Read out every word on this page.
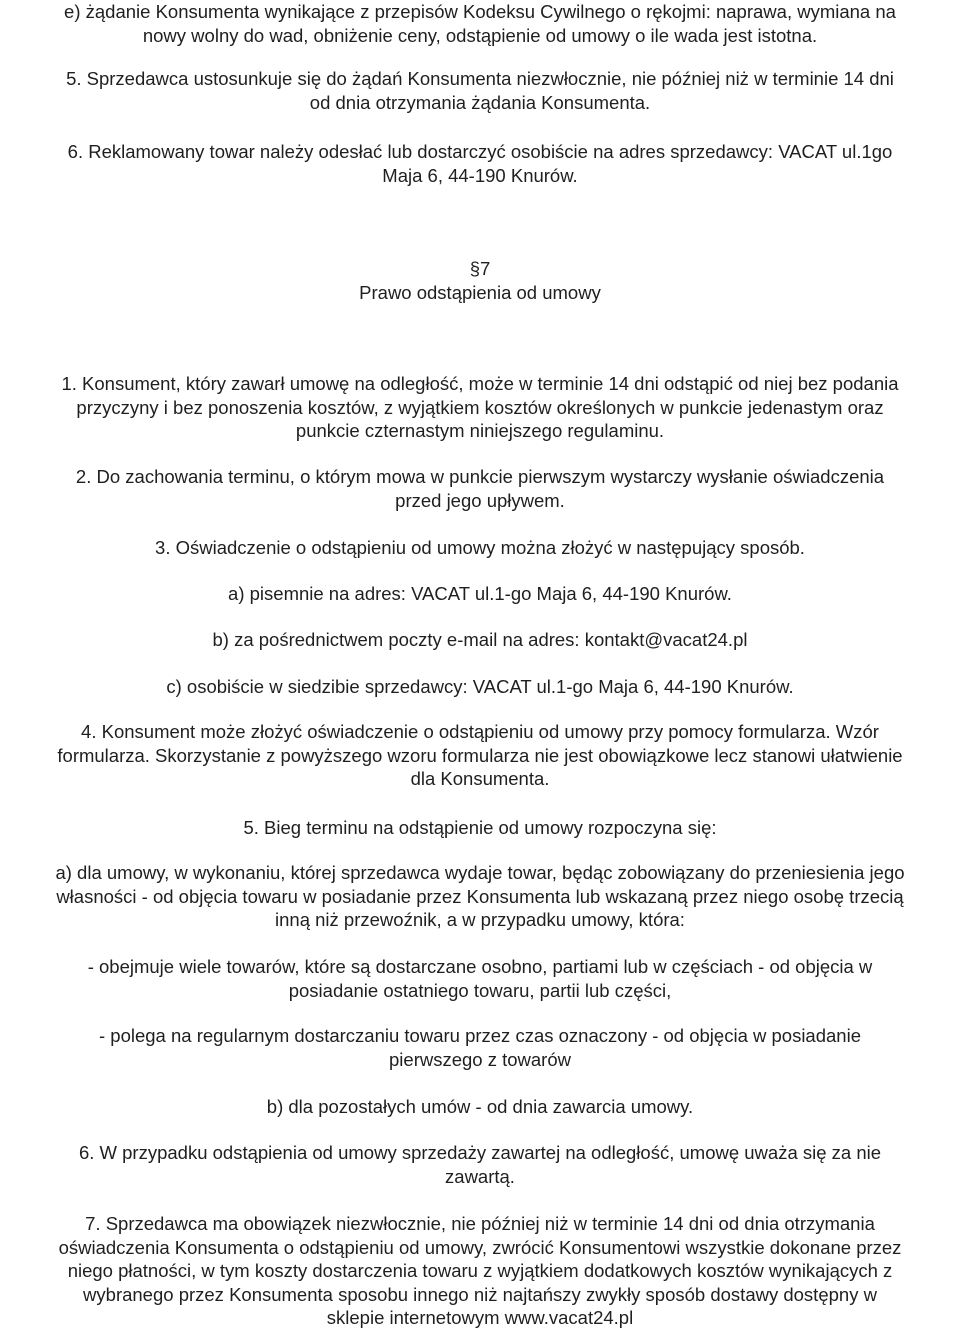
e) żądanie Konsumenta wynikające z przepisów Kodeksu Cywilnego o rękojmi: naprawa, wymiana na
nowy wolny do wad, obniżenie ceny, odstąpienie od umowy o ile wada jest istotna.
5. Sprzedawca ustosunkuje się do żądań Konsumenta niezwłocznie, nie później niż w terminie 14 dni
od dnia otrzymania żądania Konsumenta.
6. Reklamowany towar należy odesłać lub dostarczyć osobiście na adres sprzedawcy: VACAT ul.1go
Maja 6, 44-190 Knurów.
§7
Prawo odstąpienia od umowy
1. Konsument, który zawarł umowę na odległość, może w terminie 14 dni odstąpić od niej bez podania
przyczyny i bez ponoszenia kosztów, z wyjątkiem kosztów określonych w punkcie jedenastym oraz
punkcie czternastym niniejszego regulaminu.
2. Do zachowania terminu, o którym mowa w punkcie pierwszym wystarczy wysłanie oświadczenia
przed jego upływem.
3. Oświadczenie o odstąpieniu od umowy można złożyć w następujący sposób.
a) pisemnie na adres: VACAT ul.1-go Maja 6, 44-190 Knurów.
b) za pośrednictwem poczty e-mail na adres: kontakt@vacat24.pl
c) osobiście w siedzibie sprzedawcy: VACAT ul.1-go Maja 6, 44-190 Knurów.
4. Konsument może złożyć oświadczenie o odstąpieniu od umowy przy pomocy formularza. Wzór
formularza. Skorzystanie z powyższego wzoru formularza nie jest obowiązkowe lecz stanowi ułatwienie
dla Konsumenta.
5. Bieg terminu na odstąpienie od umowy rozpoczyna się:
a) dla umowy, w wykonaniu, której sprzedawca wydaje towar, będąc zobowiązany do przeniesienia jego
własności - od objęcia towaru w posiadanie przez Konsumenta lub wskazaną przez niego osobę trzecią
inną niż przewoźnik, a w przypadku umowy, która:
- obejmuje wiele towarów, które są dostarczane osobno, partiami lub w częściach - od objęcia w
posiadanie ostatniego towaru, partii lub części,
- polega na regularnym dostarczaniu towaru przez czas oznaczony - od objęcia w posiadanie
pierwszego z towarów
b) dla pozostałych umów - od dnia zawarcia umowy.
6. W przypadku odstąpienia od umowy sprzedaży zawartej na odległość, umowę uważa się za nie
zawartą.
7. Sprzedawca ma obowiązek niezwłocznie, nie później niż w terminie 14 dni od dnia otrzymania
oświadczenia Konsumenta o odstąpieniu od umowy, zwrócić Konsumentowi wszystkie dokonane przez
niego płatności, w tym koszty dostarczenia towaru z wyjątkiem dodatkowych kosztów wynikających z
wybranego przez Konsumenta sposobu innego niż najtańszy zwykły sposób dostawy dostępny w
sklepie internetowym www.vacat24.pl
